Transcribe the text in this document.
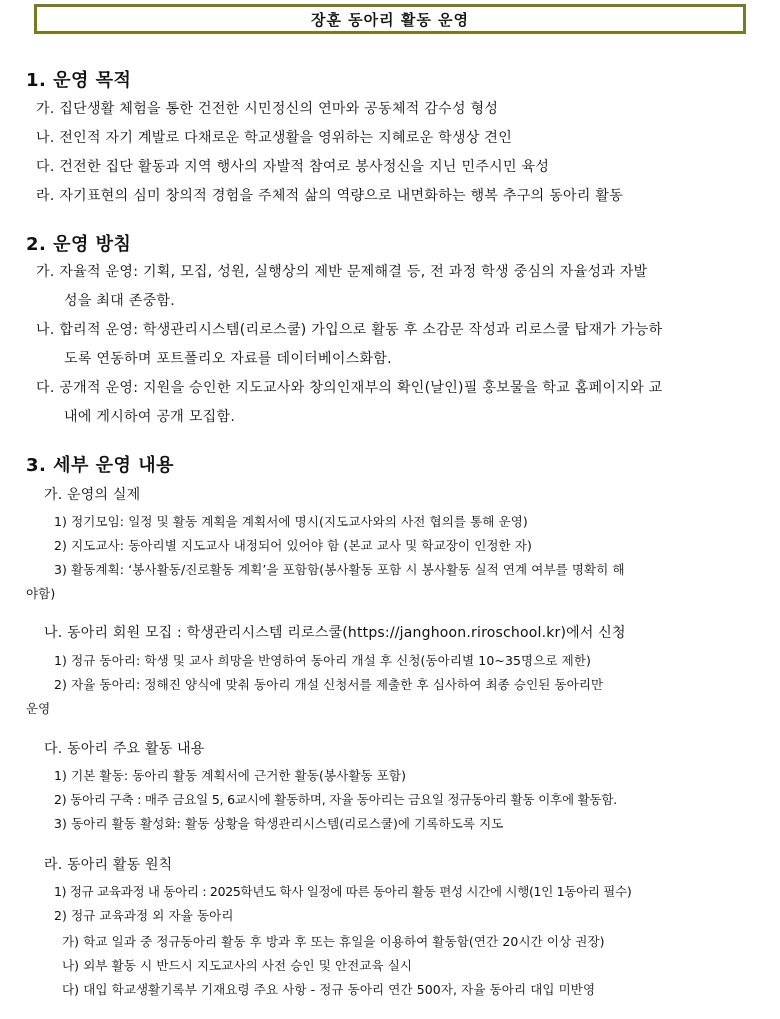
장훈 동아리 활동 운영
1. 운영 목적
가. 집단생활 체험을 통한 건전한 시민정신의 연마와 공동체적 감수성 형성
나. 전인적 자기 계발로 다채로운 학교생활을 영위하는 지혜로운 학생상 견인
다. 건전한 집단 활동과 지역 행사의 자발적 참여로 봉사정신을 지닌 민주시민 육성
라. 자기표현의 심미 창의적 경험을 주체적 삶의 역량으로 내면화하는 행복 추구의 동아리 활동
2. 운영 방침
가. 자율적 운영: 기획, 모집, 성원, 실행상의 제반 문제해결 등, 전 과정 학생 중심의 자율성과 자발
성을 최대 존중함.
나. 합리적 운영: 학생관리시스템(리로스쿨) 가입으로 활동 후 소감문 작성과 리로스쿨 탑재가 가능하
도록 연동하며 포트폴리오 자료를 데이터베이스화함.
다. 공개적 운영: 지원을 승인한 지도교사와 창의인재부의 확인(날인)필 홍보물을 학교 홈페이지와 교
내에 게시하여 공개 모집함.
3. 세부 운영 내용
가. 운영의 실제
1) 정기모임: 일정 및 활동 계획을 계획서에 명시(지도교사와의 사전 협의를 통해 운영)
2) 지도교사: 동아리별 지도교사 내정되어 있어야 함 (본교 교사 및 학교장이 인정한 자)
3) 활동계획: ‘봉사활동/진로활동 계획’을 포함함(봉사활동 포함 시 봉사활동 실적 연계 여부를 명확히 해
야함)
나. 동아리 회원 모집 : 학생관리시스템 리로스쿨(https://janghoon.riroschool.kr)에서 신청
1) 정규 동아리: 학생 및 교사 희망을 반영하여 동아리 개설 후 신청(동아리별 10~35명으로 제한)
2) 자율 동아리: 정해진 양식에 맞춰 동아리 개설 신청서를 제출한 후 심사하여 최종 승인된 동아리만
운영
다. 동아리 주요 활동 내용
1) 기본 활동: 동아리 활동 계획서에 근거한 활동(봉사활동 포함)
2) 동아리 구축 : 매주 금요일 5, 6교시에 활동하며, 자율 동아리는 금요일 정규동아리 활동 이후에 활동함.
3) 동아리 활동 활성화: 활동 상황을 학생관리시스템(리로스쿨)에 기록하도록 지도
라. 동아리 활동 원칙
1) 정규 교육과정 내 동아리 : 2025학년도 학사 일정에 따른 동아리 활동 편성 시간에 시행(1인 1동아리 필수)
2) 정규 교육과정 외 자율 동아리
가) 학교 일과 중 정규동아리 활동 후 방과 후 또는 휴일을 이용하여 활동함(연간 20시간 이상 권장)
나) 외부 활동 시 반드시 지도교사의 사전 승인 및 안전교육 실시
다) 대입 학교생활기록부 기재요령 주요 사항 - 정규 동아리 연간 500자, 자율 동아리 대입 미반영
